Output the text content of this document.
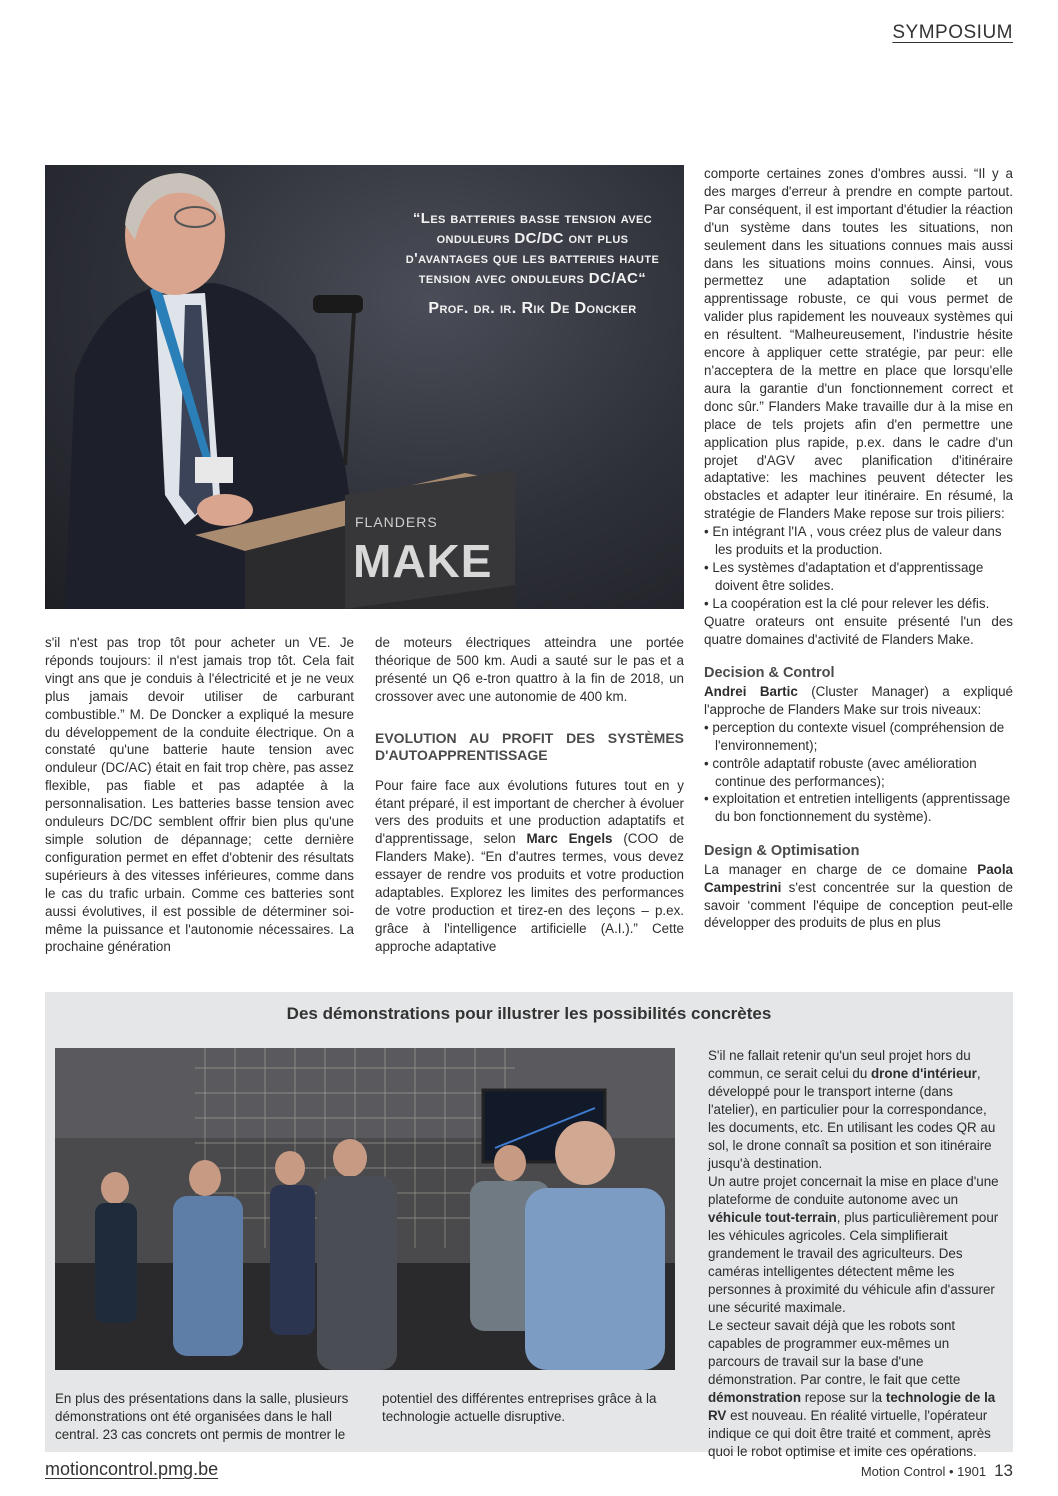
SYMPOSIUM
FLANDERS
MAKE
“Les batteries basse tension avec onduleurs DC/DC ont plus d'avantages que les batteries haute tension avec onduleurs DC/AC“
Prof. dr. ir. Rik De Doncker

comporte certaines zones d'ombres aussi. “Il y a des marges d'erreur à prendre en compte partout. Par conséquent, il est important d'étudier la réaction d'un système dans toutes les situations, non seulement dans les situations connues mais aussi dans les situations moins connues. Ainsi, vous permettez une adaptation solide et un apprentissage robuste, ce qui vous permet de valider plus rapidement les nouveaux systèmes qui en résultent. “Malheureusement, l'industrie hésite encore à appliquer cette stratégie, par peur: elle n'acceptera de la mettre en place que lorsqu'elle aura la garantie d'un fonctionnement correct et donc sûr.” Flanders Make travaille dur à la mise en place de tels projets afin d'en permettre une application plus rapide, p.ex. dans le cadre d'un projet d'AGV avec planification d'itinéraire adaptative: les machines peuvent détecter les obstacles et adapter leur itinéraire. En résumé, la stratégie de Flanders Make repose sur trois piliers:

• En intégrant l'IA , vous créez plus de valeur dans les produits et la production.
• Les systèmes d'adaptation et d'apprentissage doivent être solides.
• La coopération est la clé pour relever les défis.

Quatre orateurs ont ensuite présenté l'un des quatre domaines d'activité de Flanders Make.

Decision & Control

Andrei Bartic (Cluster Manager) a expliqué l'approche de Flanders Make sur trois niveaux:

• perception du contexte visuel (compréhension de l'environnement);
• contrôle adaptatif robuste (avec amélioration continue des performances);
• exploitation et entretien intelligents (apprentissage du bon fonctionnement du système).
Design & Optimisation

La manager en charge de ce domaine Paola Campestrini s'est concentrée sur la question de savoir ‘comment l'équipe de conception peut-elle développer des produits de plus en plus

s'il n'est pas trop tôt pour acheter un VE. Je réponds toujours: il n'est jamais trop tôt. Cela fait vingt ans que je conduis à l'électricité et je ne veux plus jamais devoir utiliser de carburant combustible.” M. De Doncker a expliqué la mesure du développement de la conduite électrique. On a constaté qu'une batterie haute tension avec onduleur (DC/AC) était en fait trop chère, pas assez flexible, pas fiable et pas adaptée à la personnalisation. Les batteries basse tension avec onduleurs DC/DC semblent offrir bien plus qu'une simple solution de dépannage; cette dernière configuration permet en effet d'obtenir des résultats supérieurs à des vitesses inférieures, comme dans le cas du trafic urbain. Comme ces batteries sont aussi évolutives, il est possible de déterminer soi-même la puissance et l'autonomie nécessaires. La prochaine génération

de moteurs électriques atteindra une portée théorique de 500 km. Audi a sauté sur le pas et a présenté un Q6 e-tron quattro à la fin de 2018, un crossover avec une autonomie de 400 km.

EVOLUTION AU PROFIT DES SYSTÈMES D'AUTOAPPRENTISSAGE

Pour faire face aux évolutions futures tout en y étant préparé, il est important de chercher à évoluer vers des produits et une production adaptatifs et d'apprentissage, selon Marc Engels (COO de Flanders Make). “En d'autres termes, vous devez essayer de rendre vos produits et votre production adaptables. Explorez les limites des performances de votre production et tirez-en des leçons – p.ex. grâce à l'intelligence artificielle (A.I.).” Cette approche adaptative

Des démonstrations pour illustrer les possibilités concrètes
En plus des présentations dans la salle, plusieurs démonstrations ont été organisées dans le hall central. 23 cas concrets ont permis de montrer le
potentiel des différentes entreprises grâce à la technologie actuelle disruptive.

S'il ne fallait retenir qu'un seul projet hors du commun, ce serait celui du drone d'intérieur, développé pour le transport interne (dans l'atelier), en particulier pour la correspondance, les documents, etc. En utilisant les codes QR au sol, le drone connaît sa position et son itinéraire jusqu'à destination.

Un autre projet concernait la mise en place d'une plateforme de conduite autonome avec un véhicule tout-terrain, plus particulièrement pour les véhicules agricoles. Cela simplifierait grandement le travail des agriculteurs. Des caméras intelligentes détectent même les personnes à proximité du véhicule afin d'assurer une sécurité maximale.

Le secteur savait déjà que les robots sont capables de programmer eux-mêmes un parcours de travail sur la base d'une démonstration. Par contre, le fait que cette démonstration repose sur la technologie de la RV est nouveau. En réalité virtuelle, l'opérateur indique ce qui doit être traité et comment, après quoi le robot optimise et imite ces opérations.

motioncontrol.pmg.be	Motion Control • 1901 13
